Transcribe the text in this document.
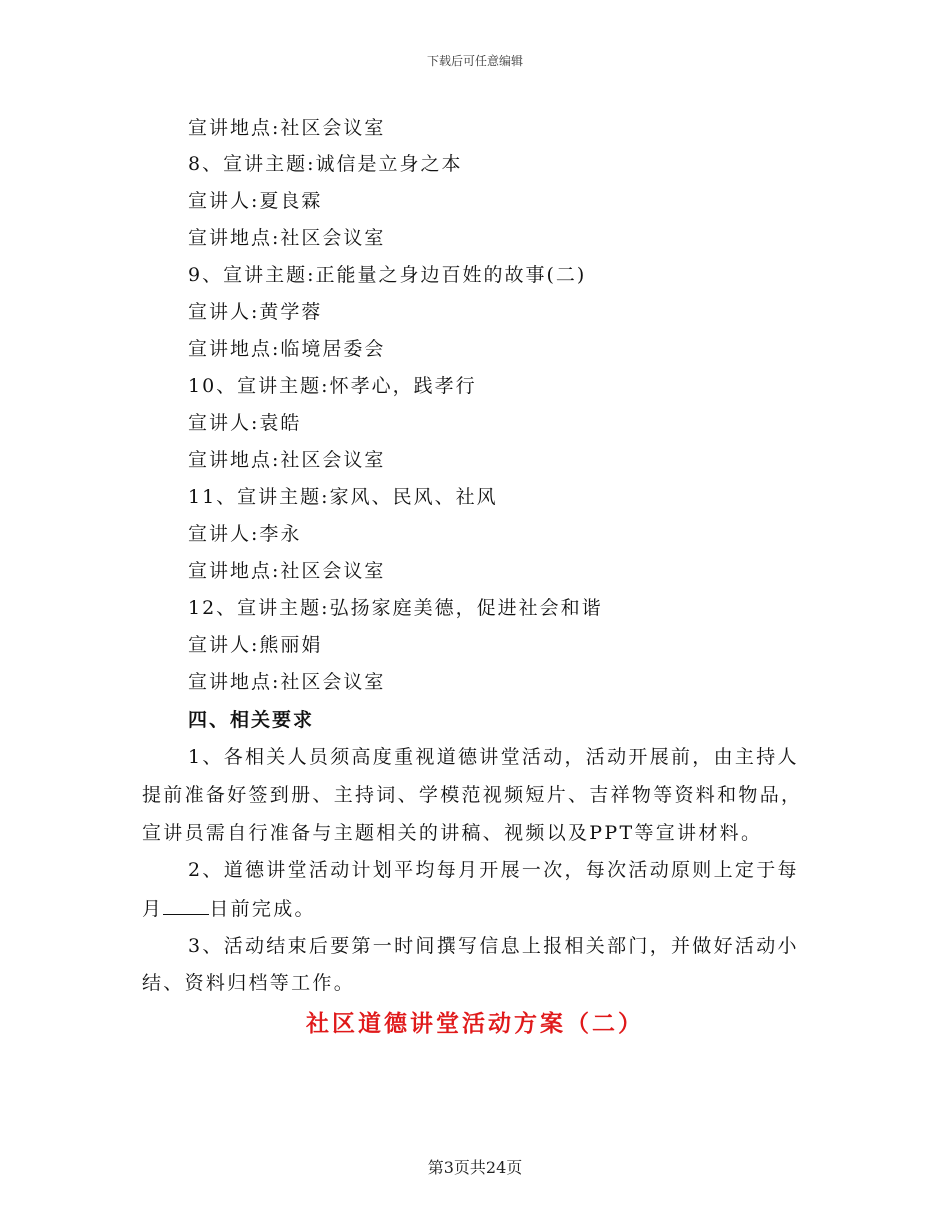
下载后可任意编辑
宣讲地点:社区会议室
8、宣讲主题:诚信是立身之本
宣讲人:夏良霖
宣讲地点:社区会议室
9、宣讲主题:正能量之身边百姓的故事(二)
宣讲人:黄学蓉
宣讲地点:临境居委会
10、宣讲主题:怀孝心，践孝行
宣讲人:袁皓
宣讲地点:社区会议室
11、宣讲主题:家风、民风、社风
宣讲人:李永
宣讲地点:社区会议室
12、宣讲主题:弘扬家庭美德，促进社会和谐
宣讲人:熊丽娟
宣讲地点:社区会议室
四、相关要求
1、各相关人员须高度重视道德讲堂活动，活动开展前，由主持人
提前准备好签到册、主持词、学模范视频短片、吉祥物等资料和物品，
宣讲员需自行准备与主题相关的讲稿、视频以及PPT等宣讲材料。
2、道德讲堂活动计划平均每月开展一次，每次活动原则上定于每
月 日前完成。
3、活动结束后要第一时间撰写信息上报相关部门，并做好活动小
结、资料归档等工作。
社区道德讲堂活动方案（二）
第3页共24页
